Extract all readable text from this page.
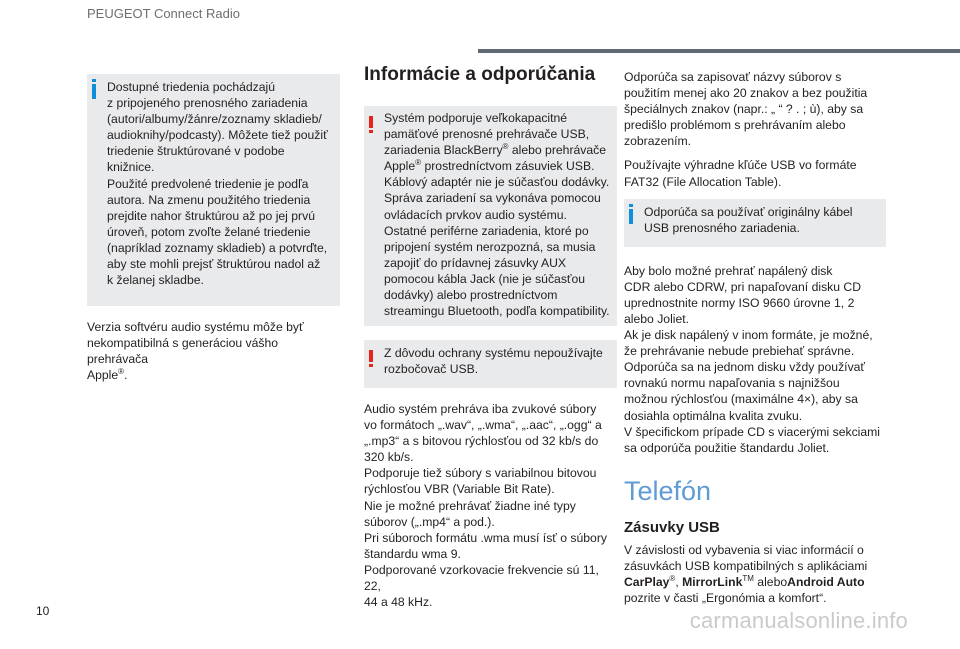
PEUGEOT Connect Radio

Dostupné triedenia pochádzajú

z pripojeného prenosného zariadenia

(autori/albumy/žánre/zoznamy skladieb/

audioknihy/podcasty). Môžete tiež použiť

triedenie štruktúrované v podobe knižnice.

Použité predvolené triedenie je podľa

autora. Na zmenu použitého triedenia

prejdite nahor štruktúrou až po jej prvú

úroveň, potom zvoľte želané triedenie

(napríklad zoznamy skladieb) a potvrďte,

aby ste mohli prejsť štruktúrou nadol až

k želanej skladbe.

Verzia softvéru audio systému môže byť

nekompatibilná s generáciou vášho prehrávača

Apple®.

Informácie a odporúčania

Systém podporuje veľkokapacitné

pamäťové prenosné prehrávače USB,

zariadenia BlackBerry® alebo prehrávače

Apple® prostredníctvom zásuviek USB.

Káblový adaptér nie je súčasťou dodávky.

Správa zariadení sa vykonáva pomocou

ovládacích prvkov audio systému.

Ostatné periférne zariadenia, ktoré po

pripojení systém nerozpozná, sa musia

zapojiť do prídavnej zásuvky AUX

pomocou kábla Jack (nie je súčasťou

dodávky) alebo prostredníctvom

streamingu Bluetooth, podľa kompatibility.

Z dôvodu ochrany systému nepoužívajte

rozbočovač USB.

Audio systém prehráva iba zvukové súbory

vo formátoch „.wav“, „.wma“, „.aac“, „.ogg“ a

„.mp3“ a s bitovou rýchlosťou od 32 kb/s do

320 kb/s.

Podporuje tiež súbory s variabilnou bitovou

rýchlosťou VBR (Variable Bit Rate).

Nie je možné prehrávať žiadne iné typy

súborov („.mp4“ a pod.).

Pri súboroch formátu .wma musí ísť o súbory

štandardu wma 9.

Podporované vzorkovacie frekvencie sú 11, 22,

44 a 48 kHz.

Odporúča sa zapisovať názvy súborov s

použitím menej ako 20 znakov a bez použitia

špeciálnych znakov (napr.: „ “ ? . ; ù), aby sa

predišlo problémom s prehrávaním alebo

zobrazením.

Používajte výhradne kľúče USB vo formáte

FAT32 (File Allocation Table).

Odporúča sa používať originálny kábel

USB prenosného zariadenia.

Aby bolo možné prehrať napálený disk

CDR alebo CDRW, pri napaľovaní disku CD

uprednostnite normy ISO 9660 úrovne 1, 2

alebo Joliet.

Ak je disk napálený v inom formáte, je možné,

že prehrávanie nebude prebiehať správne.

Odporúča sa na jednom disku vždy používať

rovnakú normu napaľovania s najnižšou

možnou rýchlosťou (maximálne 4×), aby sa

dosiahla optimálna kvalita zvuku.

V špecifickom prípade CD s viacerými sekciami

sa odporúča použitie štandardu Joliet.

Telefón
Zásuvky USB

V závislosti od vybavenia si viac informácií o

zásuvkách USB kompatibilných s aplikáciami

CarPlay®, MirrorLink™ aleboAndroid Auto

pozrite v časti „Ergonómia a komfort“.

10	carmanualsonline.info
